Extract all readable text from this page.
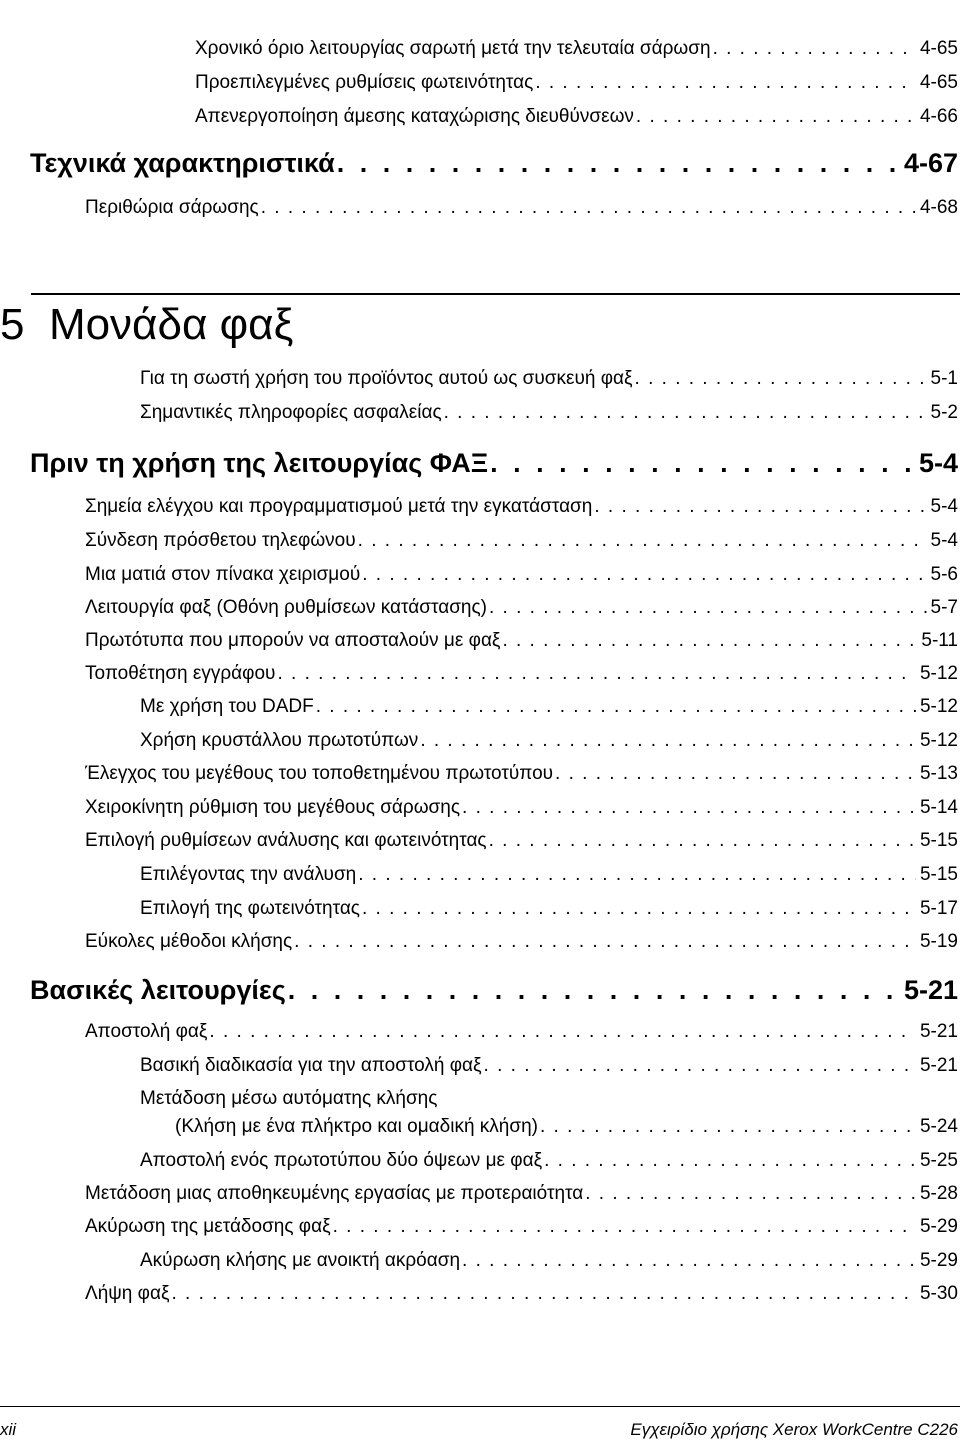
Χρονικό όριο λειτουργίας σαρωτή μετά την τελευταία σάρωση . . .	4-65
Προεπιλεγμένες ρυθμίσεις φωτεινότητας . . .	4-65
Απενεργοποίηση άμεσης καταχώρισης διευθύνσεων . . .	4-66
Τεχνικά χαρακτηριστικά . . .	4-67
Περιθώρια σάρωσης . . .	4-68
Για τη σωστή χρήση του προϊόντος αυτού ως συσκευή φαξ . . .	5-1
Σημαντικές πληροφορίες ασφαλείας . . .	5-2
Πριν τη χρήση της λειτουργίας ΦΑΞ . . .	5-4
Σημεία ελέγχου και προγραμματισμού μετά την εγκατάσταση . . .	5-4
Σύνδεση πρόσθετου τηλεφώνου . . .	5-4
Μια ματιά στον πίνακα χειρισμού . . .	5-6
Λειτουργία φαξ (Οθόνη ρυθμίσεων κατάστασης) . . .	5-7
Πρωτότυπα που μπορούν να αποσταλούν με φαξ . . .	5-11
Τοποθέτηση εγγράφου . . .	5-12
Με χρήση του DADF . . .	5-12
Χρήση κρυστάλλου πρωτοτύπων . . .	5-12
Έλεγχος του μεγέθους του τοποθετημένου πρωτοτύπου . . .	5-13
Χειροκίνητη ρύθμιση του μεγέθους σάρωσης . . .	5-14
Επιλογή ρυθμίσεων ανάλυσης και φωτεινότητας . . .	5-15
Επιλέγοντας την ανάλυση . . .	5-15
Επιλογή της φωτεινότητας . . .	5-17
Εύκολες μέθοδοι κλήσης . . .	5-19
Βασικές λειτουργίες . . .	5-21
Αποστολή φαξ . . .	5-21
Βασική διαδικασία για την αποστολή φαξ . . .	5-21
Μετάδοση μέσω αυτόματης κλήσης
(Κλήση με ένα πλήκτρο και ομαδική κλήση) . . .	5-24
Αποστολή ενός πρωτοτύπου δύο όψεων με φαξ . . .	5-25
Μετάδοση μιας αποθηκευμένης εργασίας με προτεραιότητα . . .	5-28
Ακύρωση της μετάδοσης φαξ . . .	5-29
Ακύρωση κλήσης με ανοικτή ακρόαση . . .	5-29
Λήψη φαξ . . .	5-30
5 Μονάδα φαξ
xii	Εγχειρίδιο χρήσης Xerox WorkCentre C226
